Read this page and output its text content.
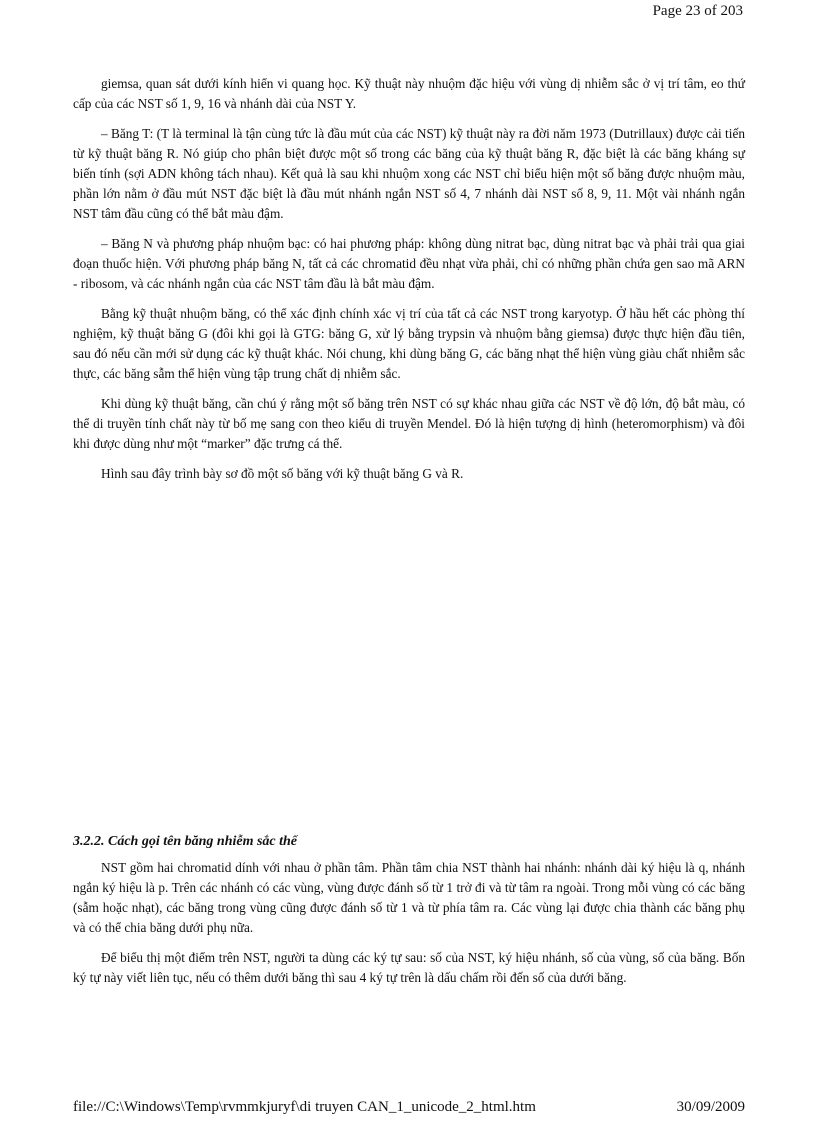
Page 23 of 203

giemsa, quan sát dưới kính hiển vi quang học. Kỹ thuật này nhuộm đặc hiệu với vùng dị nhiễm sắc ở vị trí tâm, eo thứ cấp của các NST số 1, 9, 16 và nhánh dài của NST Y.

– Băng T: (T là terminal là tận cùng tức là đầu mút của các NST) kỹ thuật này ra đời năm 1973 (Dutrillaux) được cải tiến từ kỹ thuật băng R. Nó giúp cho phân biệt được một số trong các băng của kỹ thuật băng R, đặc biệt là các băng kháng sự biến tính (sợi ADN không tách nhau). Kết quả là sau khi nhuộm xong các NST chỉ biểu hiện một số băng được nhuộm màu, phần lớn nằm ở đầu mút NST đặc biệt là đầu mút nhánh ngắn NST số 4, 7 nhánh dài NST số 8, 9, 11. Một vài nhánh ngắn NST tâm đầu cũng có thể bắt màu đậm.

– Băng N và phương pháp nhuộm bạc: có hai phương pháp: không dùng nitrat bạc, dùng nitrat bạc và phải trải qua giai đoạn thuốc hiện. Với phương pháp băng N, tất cả các chromatid đều nhạt vừa phải, chỉ có những phần chứa gen sao mã ARN - ribosom, và các nhánh ngắn của các NST tâm đầu là bắt màu đậm.

Bằng kỹ thuật nhuộm băng, có thể xác định chính xác vị trí của tất cả các NST trong karyotyp. Ở hầu hết các phòng thí nghiệm, kỹ thuật băng G (đôi khi gọi là GTG: băng G, xử lý bằng trypsin và nhuộm bằng giemsa) được thực hiện đầu tiên, sau đó nếu cần mới sử dụng các kỹ thuật khác. Nói chung, khi dùng băng G, các băng nhạt thể hiện vùng giàu chất nhiễm sắc thực, các băng sẫm thể hiện vùng tập trung chất dị nhiễm sắc.

Khi dùng kỹ thuật băng, cần chú ý rằng một số băng trên NST có sự khác nhau giữa các NST về độ lớn, độ bắt màu, có thể di truyền tính chất này từ bố mẹ sang con theo kiểu di truyền Mendel. Đó là hiện tượng dị hình (heteromorphism) và đôi khi được dùng như một “marker” đặc trưng cá thể.

Hình sau đây trình bày sơ đồ một số băng với kỹ thuật băng G và R.

3.2.2. Cách gọi tên băng nhiễm sắc thể

NST gồm hai chromatid dính với nhau ở phần tâm. Phần tâm chia NST thành hai nhánh: nhánh dài ký hiệu là q, nhánh ngắn ký hiệu là p. Trên các nhánh có các vùng, vùng được đánh số từ 1 trở đi và từ tâm ra ngoài. Trong mỗi vùng có các băng (sẫm hoặc nhạt), các băng trong vùng cũng được đánh số từ 1 và từ phía tâm ra. Các vùng lại được chia thành các băng phụ và có thể chia băng dưới phụ nữa.

Để biểu thị một điểm trên NST, người ta dùng các ký tự sau: số của NST, ký hiệu nhánh, số của vùng, số của băng. Bốn ký tự này viết liên tục, nếu có thêm dưới băng thì sau 4 ký tự trên là dấu chấm rồi đến số của dưới băng.

file://C:\Windows\Temp\rvmmkjuryf\di truyen CAN_1_unicode_2_html.htm	30/09/2009
